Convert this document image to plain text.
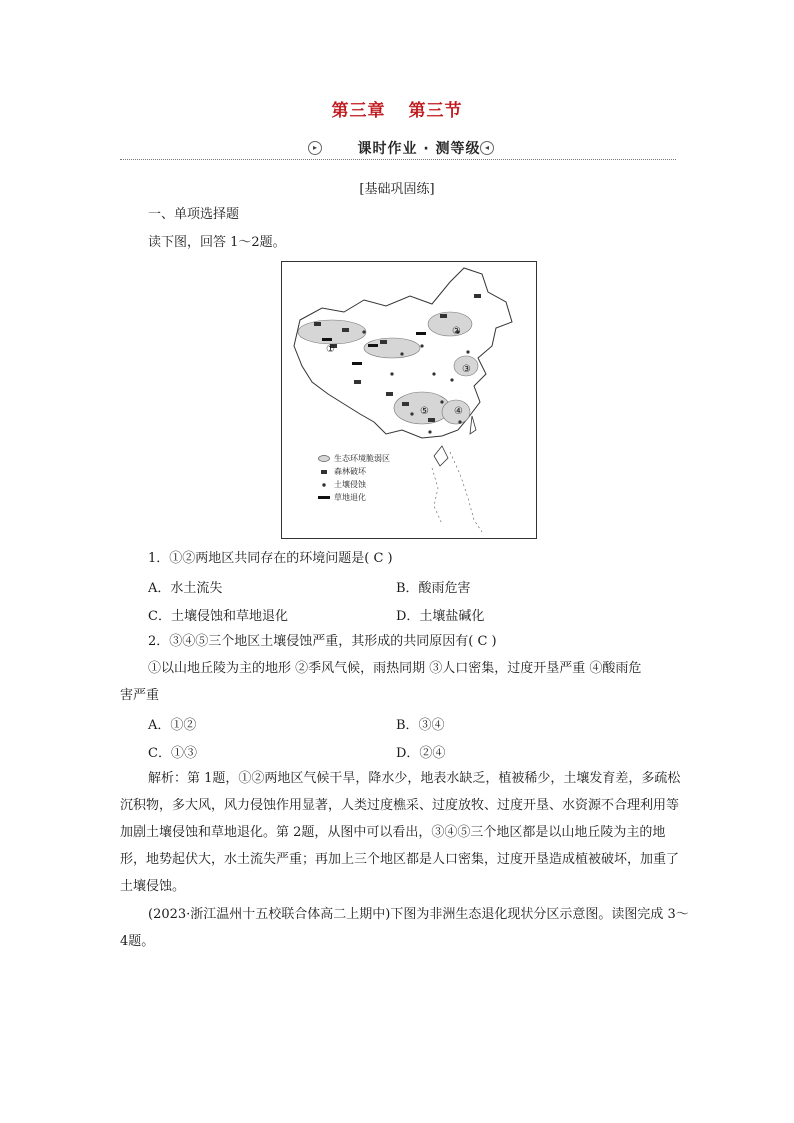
第三章 第三节
▸	课时作业 · 测等级 ◂
[基础巩固练]
一、单项选择题
读下图，回答 1～2题。
①
②
③
④
⑤
生态环境脆弱区
森林破坏
土壤侵蚀
草地退化
1．①②两地区共同存在的环境问题是( C )
A．水土流失	B．酸雨危害
C．土壤侵蚀和草地退化	D．土壤盐碱化
2．③④⑤三个地区土壤侵蚀严重，其形成的共同原因有( C )
①以山地丘陵为主的地形 ②季风气候，雨热同期 ③人口密集，过度开垦严重 ④酸雨危
害严重
A．①②	B．③④
C．①③	D．②④
解析：第 1题，①②两地区气候干旱，降水少，地表水缺乏，植被稀少，土壤发育差，多疏松沉积物，多大风，风力侵蚀作用显著，人类过度樵采、过度放牧、过度开垦、水资源不合理利用等加剧土壤侵蚀和草地退化。第 2题，从图中可以看出，③④⑤三个地区都是以山地丘陵为主的地形，地势起伏大，水土流失严重；再加上三个地区都是人口密集，过度开垦造成植被破坏，加重了土壤侵蚀。
(2023·浙江温州十五校联合体高二上期中)下图为非洲生态退化现状分区示意图。读图完成 3～4题。
